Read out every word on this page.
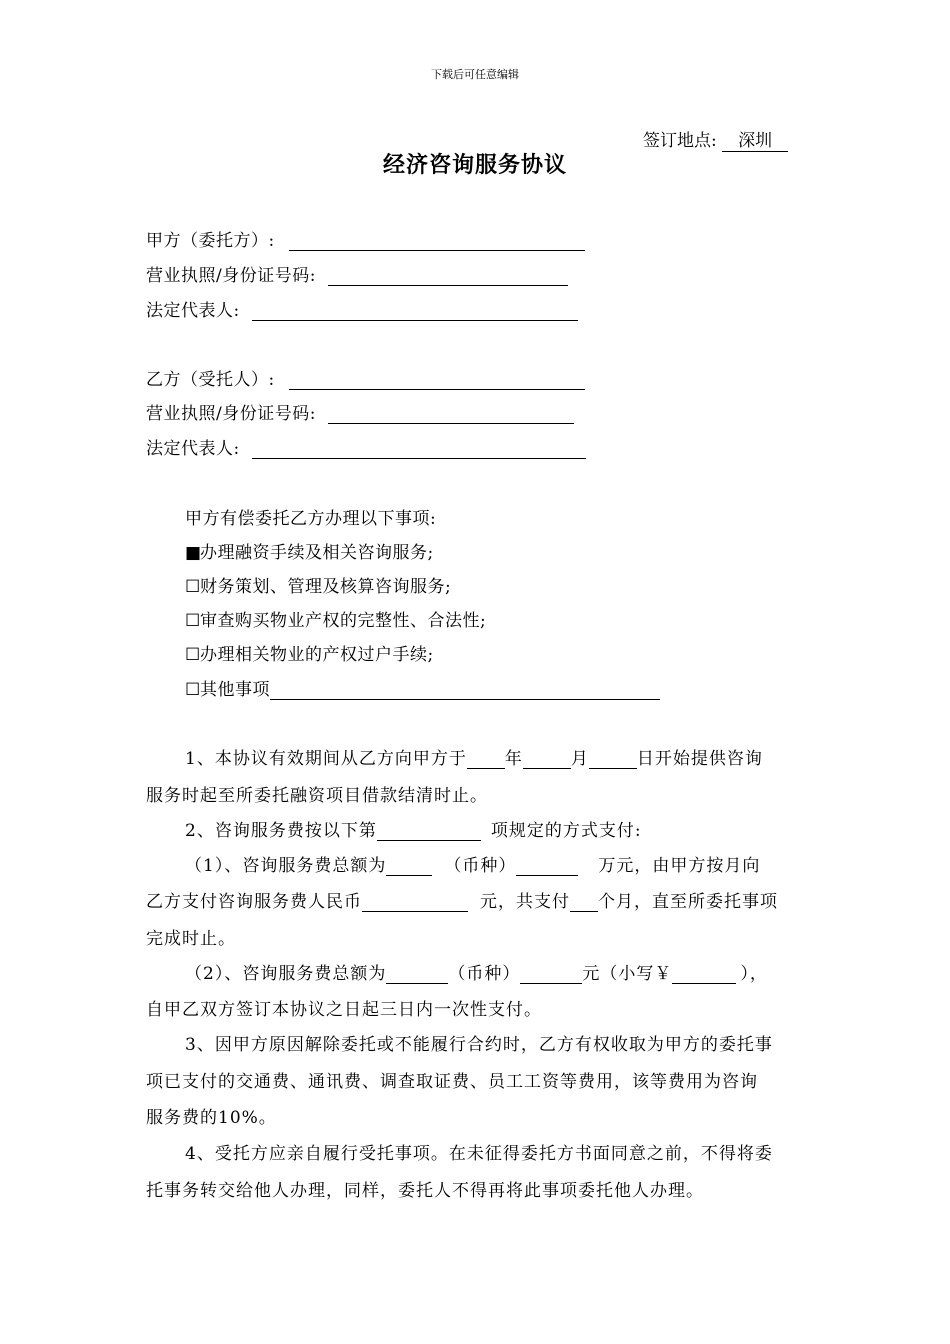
下载后可任意编辑
签订地点: 深圳
经济咨询服务协议
甲方（委托方）:
营业执照/身份证号码:
法定代表人:
乙方（受托人）:
营业执照/身份证号码:
法定代表人:
甲方有偿委托乙方办理以下事项:
■办理融资手续及相关咨询服务;
☐财务策划、管理及核算咨询服务;
☐审查购买物业产权的完整性、合法性;
☐办理相关物业的产权过户手续;
☐其他事项
1、本协议有效期间从乙方向甲方于 年	月	日开始提供咨询
服务时起至所委托融资项目借款结清时止。
2、咨询服务费按以下第	项规定的方式支付:
（1）、咨询服务费总额为	（币种）	万元，由甲方按月向
乙方支付咨询服务费人民币	元，共支付 个月，直至所委托事项
完成时止。
（2）、咨询服务费总额为	（币种）	元（小写￥	），
自甲乙双方签订本协议之日起三日内一次性支付。
3、因甲方原因解除委托或不能履行合约时，乙方有权收取为甲方的委托事
项已支付的交通费、通讯费、调查取证费、员工工资等费用，该等费用为咨询
服务费的10%。
4、受托方应亲自履行受托事项。在未征得委托方书面同意之前，不得将委
托事务转交给他人办理，同样，委托人不得再将此事项委托他人办理。
